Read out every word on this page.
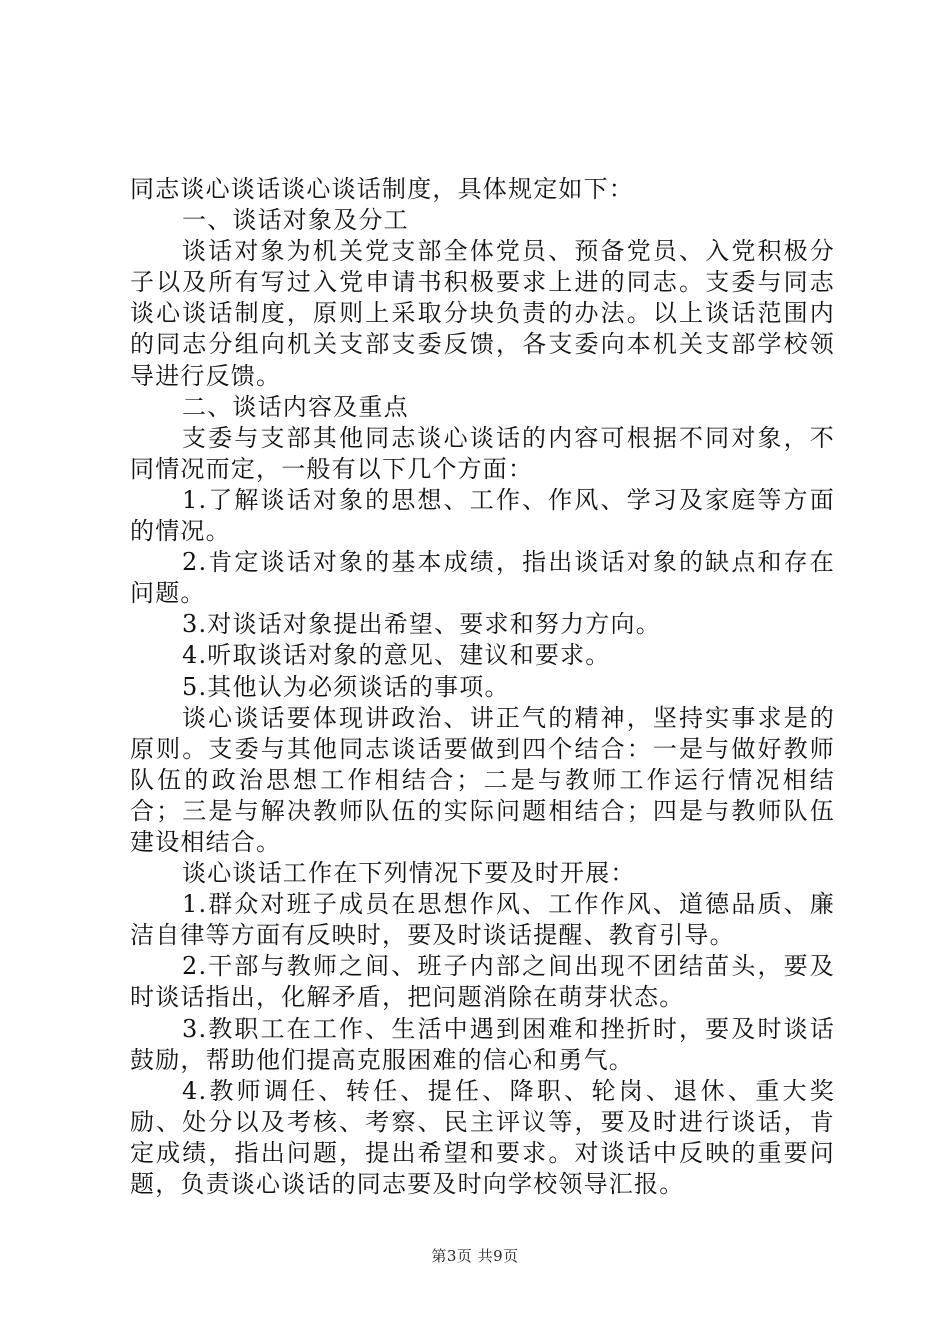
同志谈心谈话谈心谈话制度，具体规定如下：

一、谈话对象及分工

谈话对象为机关党支部全体党员、预备党员、入党积极分子以及所有写过入党申请书积极要求上进的同志。支委与同志谈心谈话制度，原则上采取分块负责的办法。以上谈话范围内的同志分组向机关支部支委反馈，各支委向本机关支部学校领导进行反馈。

二、谈话内容及重点

支委与支部其他同志谈心谈话的内容可根据不同对象，不同情况而定，一般有以下几个方面：

1.了解谈话对象的思想、工作、作风、学习及家庭等方面的情况。

2.肯定谈话对象的基本成绩，指出谈话对象的缺点和存在问题。

3.对谈话对象提出希望、要求和努力方向。

4.听取谈话对象的意见、建议和要求。

5.其他认为必须谈话的事项。

谈心谈话要体现讲政治、讲正气的精神，坚持实事求是的原则。支委与其他同志谈话要做到四个结合：一是与做好教师队伍的政治思想工作相结合；二是与教师工作运行情况相结合；三是与解决教师队伍的实际问题相结合；四是与教师队伍建设相结合。

谈心谈话工作在下列情况下要及时开展：

1.群众对班子成员在思想作风、工作作风、道德品质、廉洁自律等方面有反映时，要及时谈话提醒、教育引导。

2.干部与教师之间、班子内部之间出现不团结苗头，要及时谈话指出，化解矛盾，把问题消除在萌芽状态。

3.教职工在工作、生活中遇到困难和挫折时，要及时谈话鼓励，帮助他们提高克服困难的信心和勇气。

4.教师调任、转任、提任、降职、轮岗、退休、重大奖励、处分以及考核、考察、民主评议等，要及时进行谈话，肯定成绩，指出问题，提出希望和要求。对谈话中反映的重要问题，负责谈心谈话的同志要及时向学校领导汇报。

第3页 共9页
